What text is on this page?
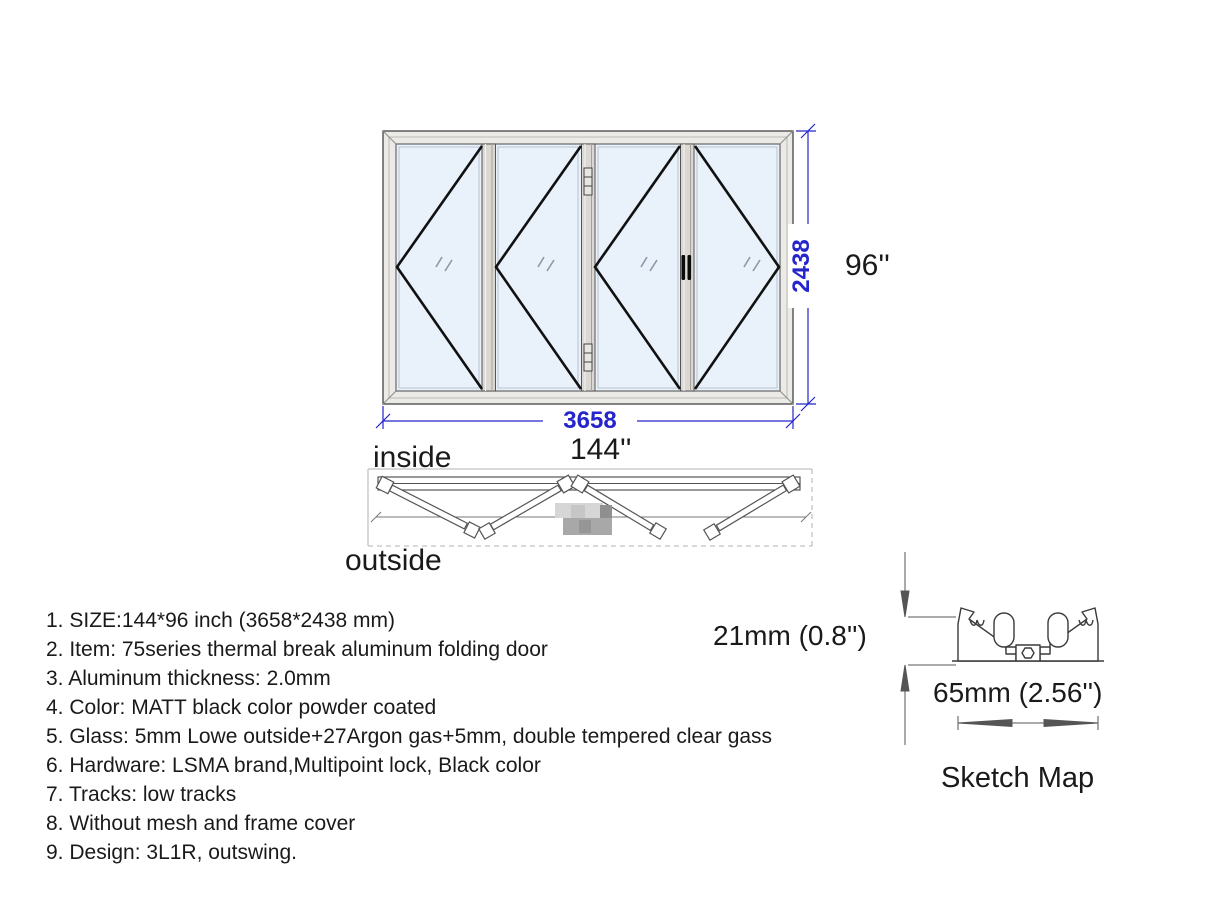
2438 96''
3658
144''
inside
outside
1. SIZE:144*96 inch (3658*2438 mm)
2. Item: 75series thermal break aluminum folding door
3. Aluminum thickness: 2.0mm
4. Color: MATT black color powder coated
5. Glass: 5mm Lowe outside+27Argon gas+5mm, double tempered clear gass
6. Hardware: LSMA brand,Multipoint lock, Black color
7. Tracks: low tracks
8. Without mesh and frame cover
9. Design: 3L1R, outswing.
21mm (0.8'')
65mm (2.56'')
Sketch Map
